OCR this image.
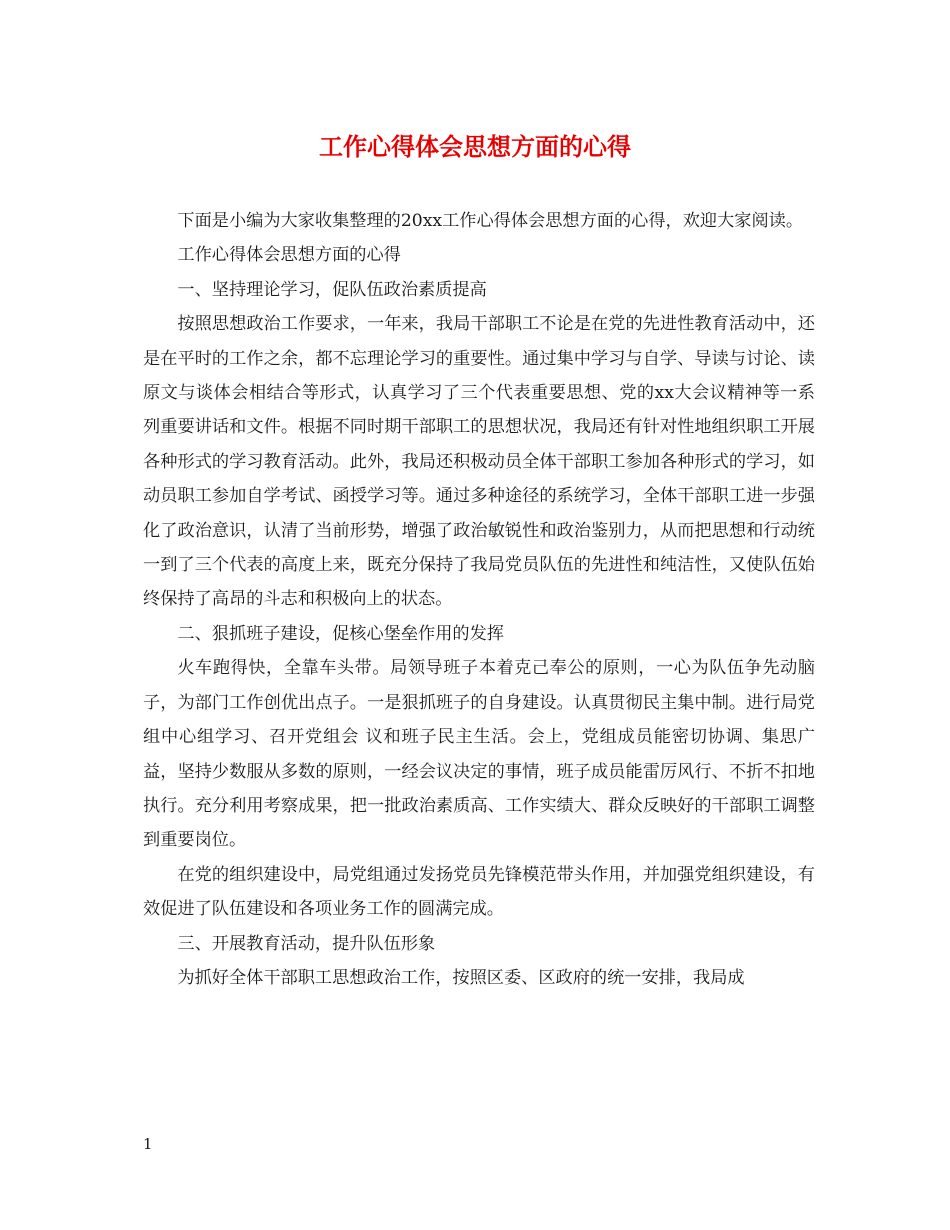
工作心得体会思想方面的心得

下面是小编为大家收集整理的20xx工作心得体会思想方面的心得，欢迎大家阅读。

工作心得体会思想方面的心得

一、坚持理论学习，促队伍政治素质提高

按照思想政治工作要求，一年来，我局干部职工不论是在党的先进性教育活动中，还是在平时的工作之余，都不忘理论学习的重要性。通过集中学习与自学、导读与讨论、读原文与谈体会相结合等形式，认真学习了三个代表重要思想、党的xx大会议精神等一系列重要讲话和文件。根据不同时期干部职工的思想状况，我局还有针对性地组织职工开展各种形式的学习教育活动。此外，我局还积极动员全体干部职工参加各种形式的学习，如动员职工参加自学考试、函授学习等。通过多种途径的系统学习，全体干部职工进一步强化了政治意识，认清了当前形势，增强了政治敏锐性和政治鉴别力，从而把思想和行动统一到了三个代表的高度上来，既充分保持了我局党员队伍的先进性和纯洁性，又使队伍始终保持了高昂的斗志和积极向上的状态。

二、狠抓班子建设，促核心堡垒作用的发挥

火车跑得快，全靠车头带。局领导班子本着克己奉公的原则，一心为队伍争先动脑子，为部门工作创优出点子。一是狠抓班子的自身建设。认真贯彻民主集中制。进行局党组中心组学习、召开党组会 议和班子民主生活。会上，党组成员能密切协调、集思广益，坚持少数服从多数的原则，一经会议决定的事情，班子成员能雷厉风行、不折不扣地执行。充分利用考察成果，把一批政治素质高、工作实绩大、群众反映好的干部职工调整到重要岗位。

在党的组织建设中，局党组通过发扬党员先锋模范带头作用，并加强党组织建设，有效促进了队伍建设和各项业务工作的圆满完成。

三、开展教育活动，提升队伍形象

为抓好全体干部职工思想政治工作，按照区委、区政府的统一安排，我局成

1
